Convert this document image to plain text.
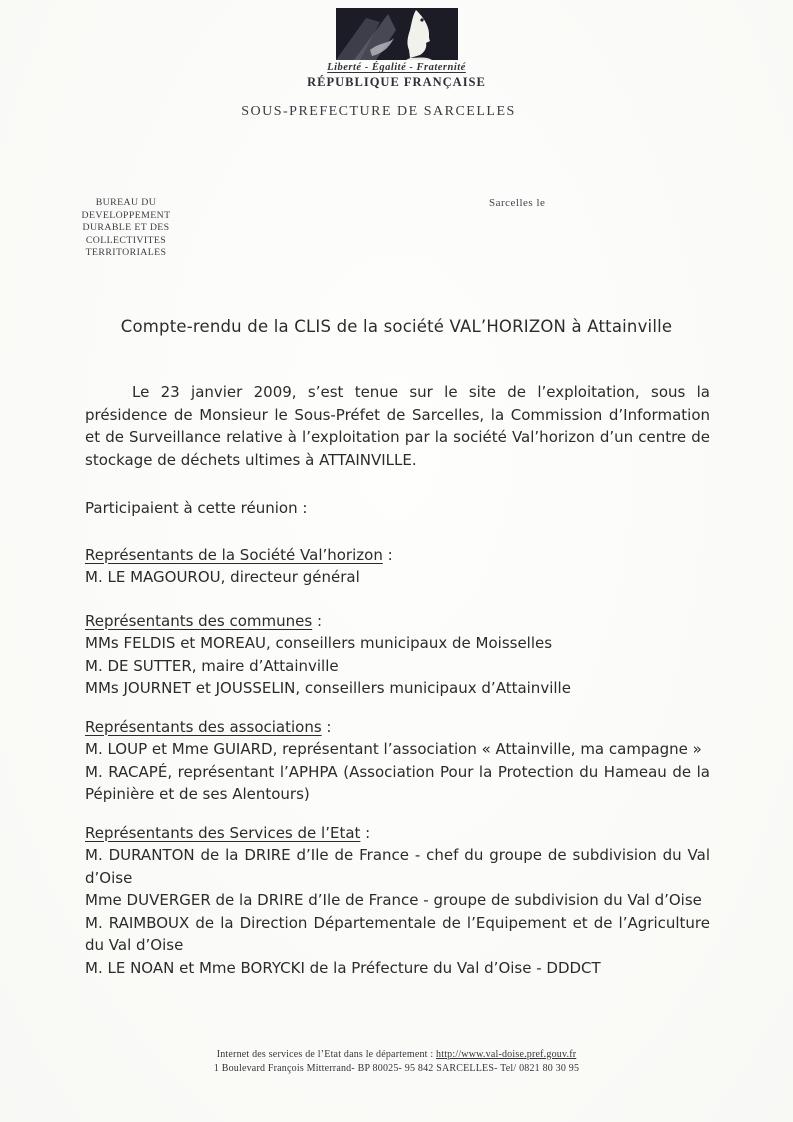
Liberté - Égalité - Fraternité
RÉPUBLIQUE FRANÇAISE
SOUS-PREFECTURE DE SARCELLES
BUREAU DU
DEVELOPPEMENT
DURABLE ET DES
COLLECTIVITES
TERRITORIALES
Sarcelles le
Compte-rendu de la CLIS de la société VAL’HORIZON à Attainville

Le 23 janvier 2009, s’est tenue sur le site de l’exploitation, sous la présidence de Monsieur le Sous-Préfet de Sarcelles, la Commission d’Information et de Surveillance relative à l’exploitation par la société Val’horizon d’un centre de stockage de déchets ultimes à ATTAINVILLE.

Participaient à cette réunion :

Représentants de la Société Val’horizon :
M. LE MAGOUROU, directeur général
Représentants des communes :
MMs FELDIS et MOREAU, conseillers municipaux de Moisselles
M. DE SUTTER, maire d’Attainville
MMs JOURNET et JOUSSELIN, conseillers municipaux d’Attainville
Représentants des associations :
M. LOUP et Mme GUIARD, représentant l’association « Attainville, ma campagne »
M. RACAPÉ, représentant l’APHPA (Association Pour la Protection du Hameau de la Pépinière et de ses Alentours)
Représentants des Services de l’Etat :
M. DURANTON de la DRIRE d’Ile de France - chef du groupe de subdivision du Val d’Oise
Mme DUVERGER de la DRIRE d’Ile de France - groupe de subdivision du Val d’Oise
M. RAIMBOUX de la Direction Départementale de l’Equipement et de l’Agriculture du Val d’Oise
M. LE NOAN et Mme BORYCKI de la Préfecture du Val d’Oise - DDDCT
Internet des services de l’Etat dans le département : http://www.val-doise.pref.gouv.fr
1 Boulevard François Mitterrand- BP 80025- 95 842 SARCELLES- Tel/ 0821 80 30 95
